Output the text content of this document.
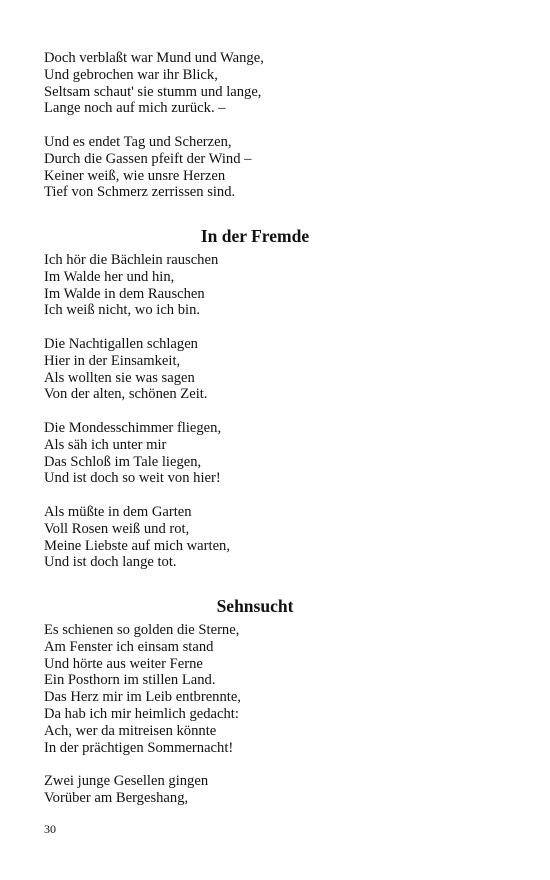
Doch verblaßt war Mund und Wange,
Und gebrochen war ihr Blick,
Seltsam schaut' sie stumm und lange,
Lange noch auf mich zurück. –
Und es endet Tag und Scherzen,
Durch die Gassen pfeift der Wind –
Keiner weiß, wie unsre Herzen
Tief von Schmerz zerrissen sind.
In der Fremde
Ich hör die Bächlein rauschen
Im Walde her und hin,
Im Walde in dem Rauschen
Ich weiß nicht, wo ich bin.
Die Nachtigallen schlagen
Hier in der Einsamkeit,
Als wollten sie was sagen
Von der alten, schönen Zeit.
Die Mondesschimmer fliegen,
Als säh ich unter mir
Das Schloß im Tale liegen,
Und ist doch so weit von hier!
Als müßte in dem Garten
Voll Rosen weiß und rot,
Meine Liebste auf mich warten,
Und ist doch lange tot.
Sehnsucht
Es schienen so golden die Sterne,
Am Fenster ich einsam stand
Und hörte aus weiter Ferne
Ein Posthorn im stillen Land.
Das Herz mir im Leib entbrennte,
Da hab ich mir heimlich gedacht:
Ach, wer da mitreisen könnte
In der prächtigen Sommernacht!
Zwei junge Gesellen gingen
Vorüber am Bergeshang,
30
